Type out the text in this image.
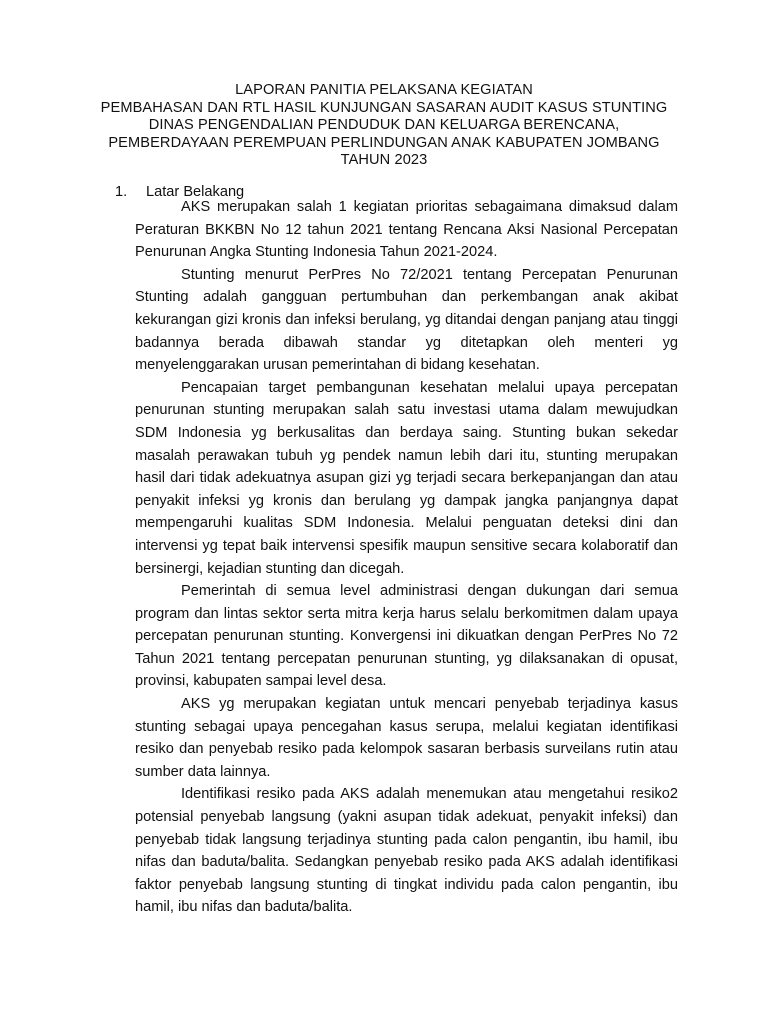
LAPORAN PANITIA PELAKSANA KEGIATAN
PEMBAHASAN DAN RTL HASIL KUNJUNGAN SASARAN AUDIT KASUS STUNTING
DINAS PENGENDALIAN PENDUDUK DAN KELUARGA BERENCANA,
PEMBERDAYAAN PEREMPUAN PERLINDUNGAN ANAK KABUPATEN JOMBANG
TAHUN 2023
1. Latar Belakang

AKS merupakan salah 1 kegiatan prioritas sebagaimana dimaksud dalam Peraturan BKKBN No 12 tahun 2021 tentang Rencana Aksi Nasional Percepatan Penurunan Angka Stunting Indonesia Tahun 2021-2024.

Stunting menurut PerPres No 72/2021 tentang Percepatan Penurunan Stunting adalah gangguan pertumbuhan dan perkembangan anak akibat kekurangan gizi kronis dan infeksi berulang, yg ditandai dengan panjang atau tinggi badannya berada dibawah standar yg ditetapkan oleh menteri yg menyelenggarakan urusan pemerintahan di bidang kesehatan.

Pencapaian target pembangunan kesehatan melalui upaya percepatan penurunan stunting merupakan salah satu investasi utama dalam mewujudkan SDM Indonesia yg berkusalitas dan berdaya saing. Stunting bukan sekedar masalah perawakan tubuh yg pendek namun lebih dari itu, stunting merupakan hasil dari tidak adekuatnya asupan gizi yg terjadi secara berkepanjangan dan atau penyakit infeksi yg kronis dan berulang yg dampak jangka panjangnya dapat mempengaruhi kualitas SDM Indonesia. Melalui penguatan deteksi dini dan intervensi yg tepat baik intervensi spesifik maupun sensitive secara kolaboratif dan bersinergi, kejadian stunting dan dicegah.

Pemerintah di semua level administrasi dengan dukungan dari semua program dan lintas sektor serta mitra kerja harus selalu berkomitmen dalam upaya percepatan penurunan stunting. Konvergensi ini dikuatkan dengan PerPres No 72 Tahun 2021 tentang percepatan penurunan stunting, yg dilaksanakan di opusat, provinsi, kabupaten sampai level desa.

AKS yg merupakan kegiatan untuk mencari penyebab terjadinya kasus stunting sebagai upaya pencegahan kasus serupa, melalui kegiatan identifikasi resiko dan penyebab resiko pada kelompok sasaran berbasis surveilans rutin atau sumber data lainnya.

Identifikasi resiko pada AKS adalah menemukan atau mengetahui resiko2 potensial penyebab langsung (yakni asupan tidak adekuat, penyakit infeksi) dan penyebab tidak langsung terjadinya stunting pada calon pengantin, ibu hamil, ibu nifas dan baduta/balita. Sedangkan penyebab resiko pada AKS adalah identifikasi faktor penyebab langsung stunting di tingkat individu pada calon pengantin, ibu hamil, ibu nifas dan baduta/balita.
